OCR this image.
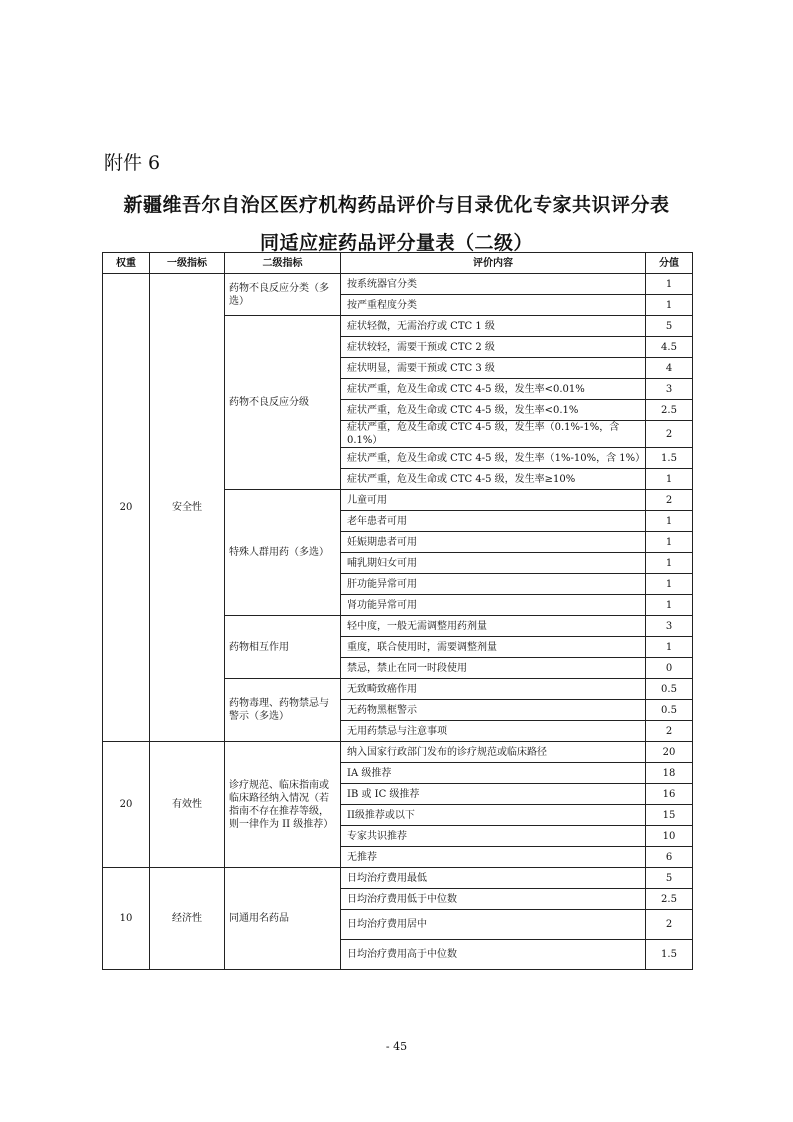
附件 6
新疆维吾尔自治区医疗机构药品评价与目录优化专家共识评分表
同适应症药品评分量表（二级）
权重	一级指标	二级指标	评价内容	分值
20	安全性	药物不良反应分类（多选）	按系统器官分类	1
			按严重程度分类	1
		药物不良反应分级	症状轻微，无需治疗或 CTC 1 级	5
			症状较轻，需要干预或 CTC 2 级	4.5
			症状明显，需要干预或 CTC 3 级	4
			症状严重，危及生命或 CTC 4-5 级，发生率<0.01%	3
			症状严重，危及生命或 CTC 4-5 级，发生率<0.1%	2.5
			症状严重，危及生命或 CTC 4-5 级，发生率（0.1%-1%，含 0.1%）	2
			症状严重，危及生命或 CTC 4-5 级，发生率（1%-10%，含 1%）	1.5
			症状严重，危及生命或 CTC 4-5 级，发生率≥10%	1
		特殊人群用药（多选）	儿童可用	2
			老年患者可用	1
			妊娠期患者可用	1
			哺乳期妇女可用	1
			肝功能异常可用	1
			肾功能异常可用	1
		药物相互作用	轻中度，一般无需调整用药剂量	3
			重度，联合使用时，需要调整剂量	1
			禁忌，禁止在同一时段使用	0
		药物毒理、药物禁忌与警示（多选）	无致畸致癌作用	0.5
			无药物黑框警示	0.5
			无用药禁忌与注意事项	2
20	有效性	诊疗规范、临床指南或临床路径纳入情况（若指南不存在推荐等级，则一律作为 II 级推荐）	纳入国家行政部门发布的诊疗规范或临床路径	20
			IA 级推荐	18
			IB 或 IC 级推荐	16
			II级推荐或以下	15
			专家共识推荐	10
			无推荐	6
10	经济性	同通用名药品	日均治疗费用最低	5
			日均治疗费用低于中位数	2.5
			日均治疗费用居中	2
			日均治疗费用高于中位数	1.5
- 45
